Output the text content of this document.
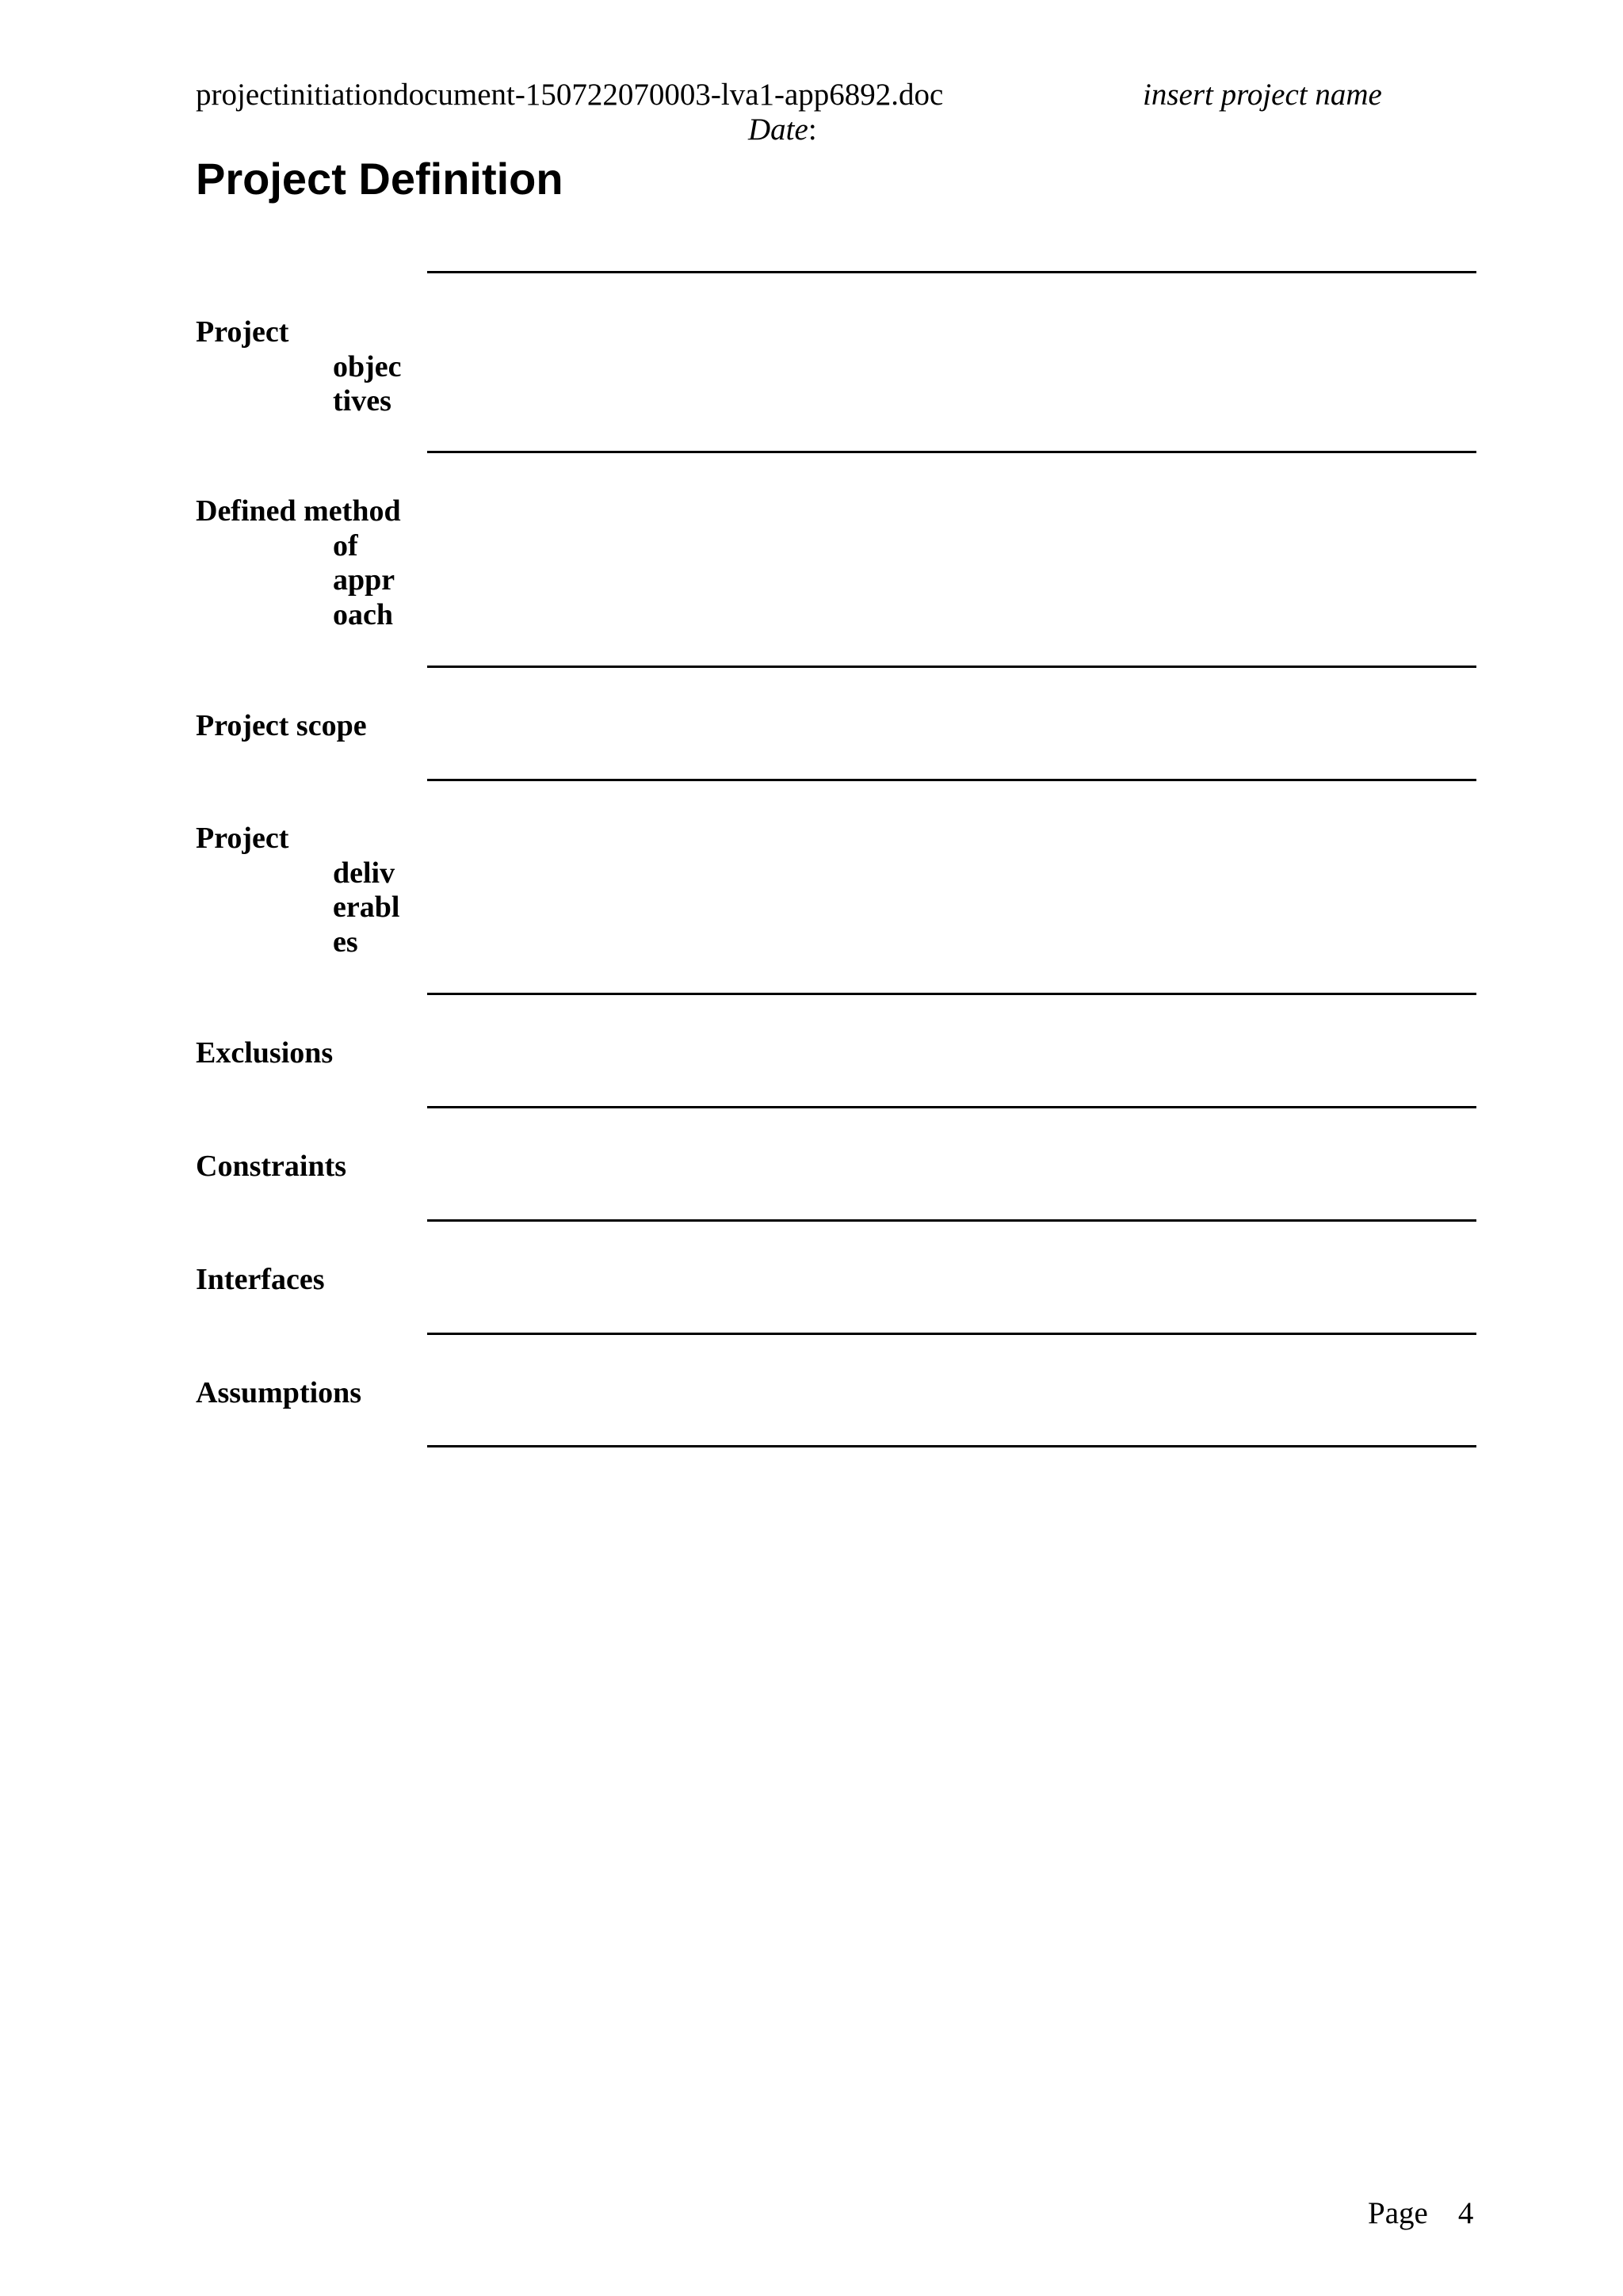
projectinitiationdocument-150722070003-lva1-app6892.doc	insert project name
Date:
Project Definition
Project
objec
tives
Defined method
of
appr
oach
Project scope
Project
deliv
erabl
es
Exclusions
Constraints
Interfaces
Assumptions
Page 4
